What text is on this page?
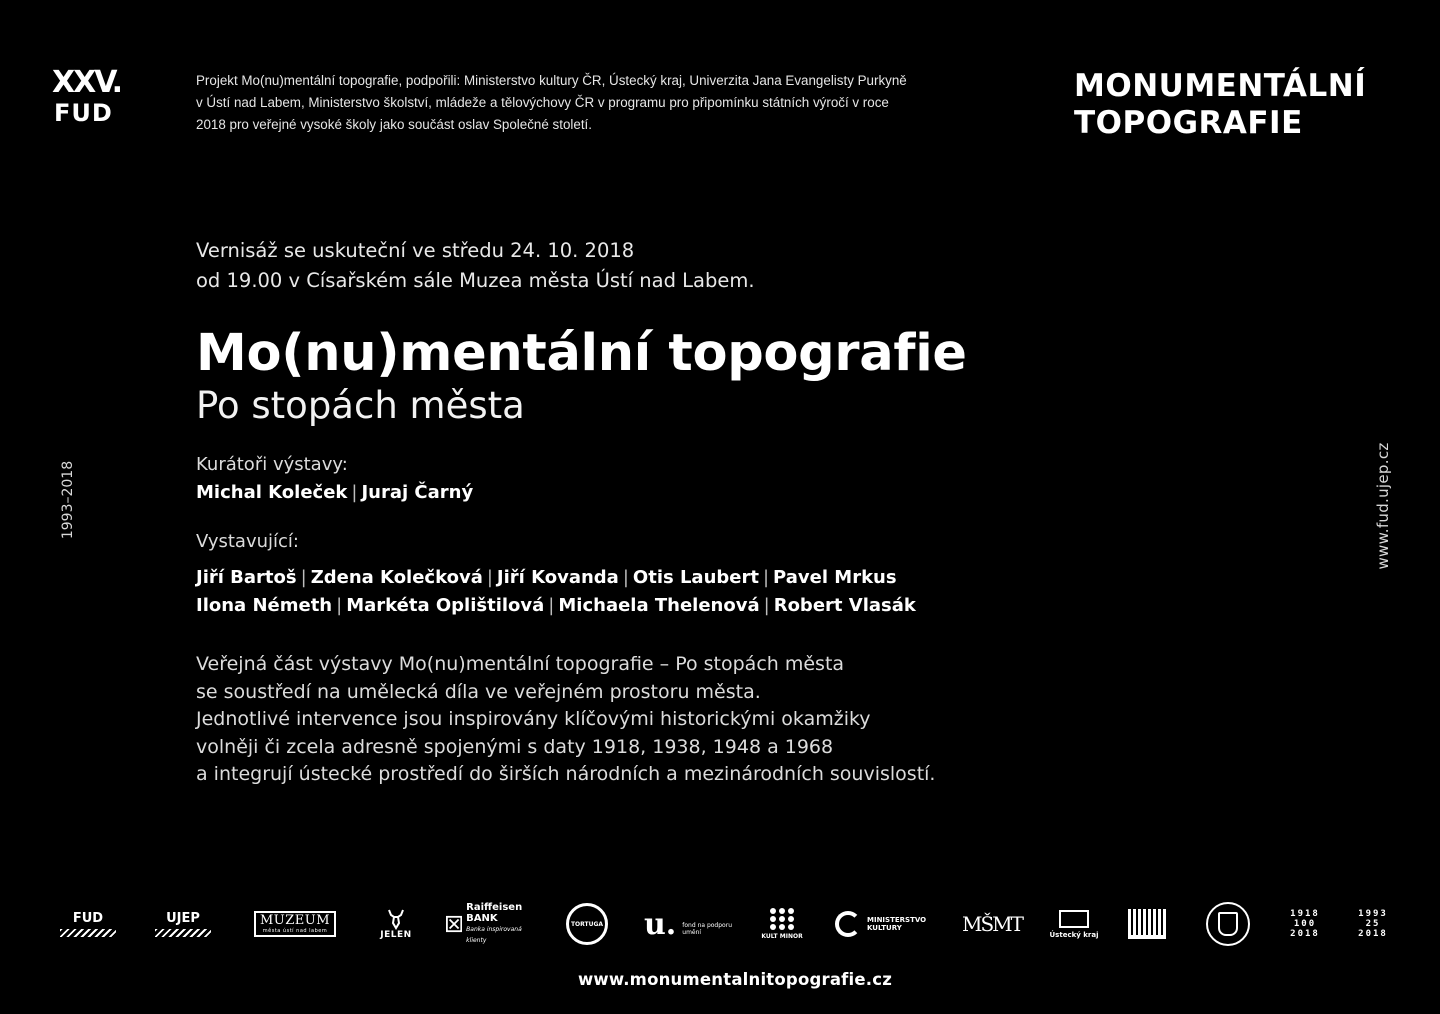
XXV.
FUD
Projekt Mo(nu)mentální topografie, podpořili: Ministerstvo kultury ČR, Ústecký kraj, Univerzita Jana Evangelisty Purkyně v Ústí nad Labem, Ministerstvo školství, mládeže a tělovýchovy ČR v programu pro připomínku státních výročí v roce 2018 pro veřejné vysoké školy jako součást oslav Společné století.
MONUMENTÁLNÍ
TOPOGRAFIE
1993–2018	www.fud.ujep.cz

Vernisáž se uskuteční ve středu 24. 10. 2018

od 19.00 v Císařském sále Muzea města Ústí nad Labem.

Mo(nu)mentální topografie
Po stopách města

Kurátoři výstavy:

Michal Koleček | Juraj Čarný

Vystavující:

Jiří Bartoš | Zdena Kolečková | Jiří Kovanda | Otis Laubert | Pavel Mrkus

Ilona Németh | Markéta Oplištilová | Michaela Thelenová | Robert Vlasák

Veřejná část výstavy Mo(nu)mentální topografie – Po stopách města

se soustředí na umělecká díla ve veřejném prostoru města.

Jednotlivé intervence jsou inspirovány klíčovými historickými okamžiky

volněji či zcela adresně spojenými s daty 1918, 1938, 1948 a 1968

a integrují ústecké prostředí do širších národních a mezinárodních souvislostí.

FUD	UJEP	MUZEUM
města ústí nad labem	JELEN
Raiffeisen
BANK
Banka inspirovaná klienty
TORTUGA u. fond na podporu umění
KULT MINOR
MINISTERSTVO KULTURY	MŠMT	Ústecký kraj
1918
100
2018
1993
25
2018
www.monumentalnitopografie.cz
